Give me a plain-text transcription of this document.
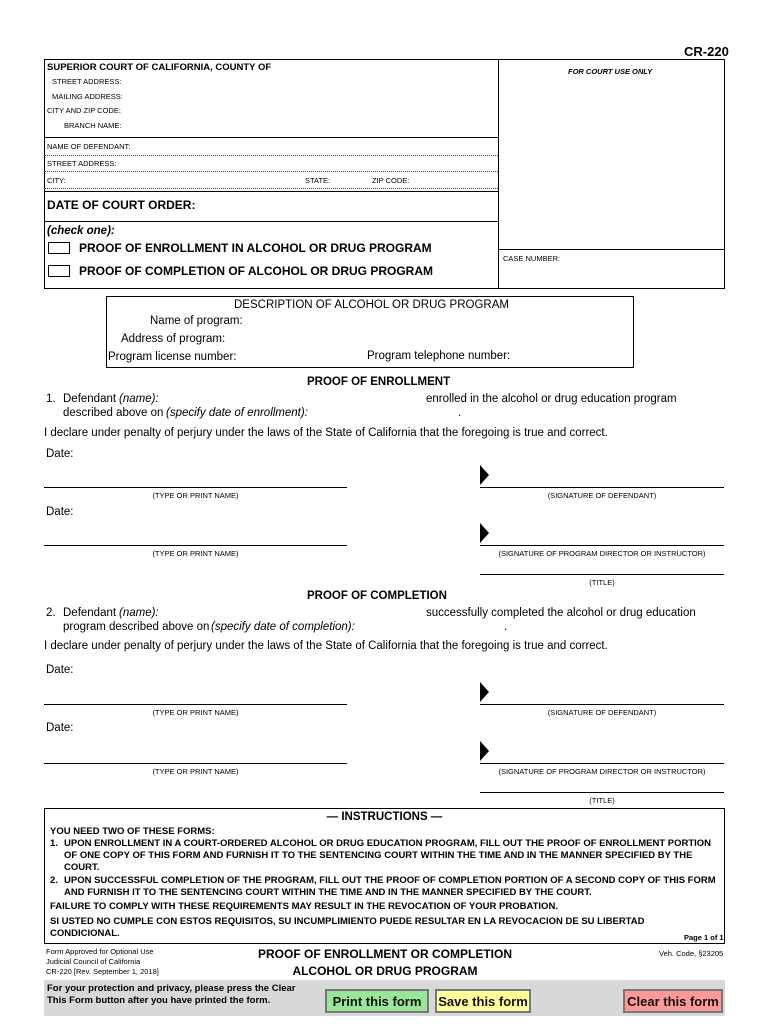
CR-220
SUPERIOR COURT OF CALIFORNIA, COUNTY OF
STREET ADDRESS:
MAILING ADDRESS:
CITY AND ZIP CODE:
BRANCH NAME:
FOR COURT USE ONLY
NAME OF DEFENDANT:
STREET ADDRESS:
CITY:	STATE:	ZIP CODE:
DATE OF COURT ORDER:
(check one):
PROOF OF ENROLLMENT IN ALCOHOL OR DRUG PROGRAM
PROOF OF COMPLETION OF ALCOHOL OR DRUG PROGRAM
CASE NUMBER:
DESCRIPTION OF ALCOHOL OR DRUG PROGRAM
Name of program:
Address of program:
Program license number:	Program telephone number:
PROOF OF ENROLLMENT
1. Defendant (name):	enrolled in the alcohol or drug education program
described above on (specify date of enrollment):	.
I declare under penalty of perjury under the laws of the State of California that the foregoing is true and correct.
Date:
(TYPE OR PRINT NAME)	(SIGNATURE OF DEFENDANT)
Date:
(TYPE OR PRINT NAME)	(SIGNATURE OF PROGRAM DIRECTOR OR INSTRUCTOR)
(TITLE)
PROOF OF COMPLETION
2. Defendant (name):	successfully completed the alcohol or drug education
program described above on (specify date of completion):	.
I declare under penalty of perjury under the laws of the State of California that the foregoing is true and correct.
Date:
(TYPE OR PRINT NAME)	(SIGNATURE OF DEFENDANT)
Date:
(TYPE OR PRINT NAME)	(SIGNATURE OF PROGRAM DIRECTOR OR INSTRUCTOR)
(TITLE)
— INSTRUCTIONS —
YOU NEED TWO OF THESE FORMS:
1. UPON ENROLLMENT IN A COURT-ORDERED ALCOHOL OR DRUG EDUCATION PROGRAM, FILL OUT THE PROOF OF ENROLLMENT PORTION OF ONE COPY OF THIS FORM AND FURNISH IT TO THE SENTENCING COURT WITHIN THE TIME AND IN THE MANNER SPECIFIED BY THE COURT.
2. UPON SUCCESSFUL COMPLETION OF THE PROGRAM, FILL OUT THE PROOF OF COMPLETION PORTION OF A SECOND COPY OF THIS FORM AND FURNISH IT TO THE SENTENCING COURT WITHIN THE TIME AND IN THE MANNER SPECIFIED BY THE COURT.
FAILURE TO COMPLY WITH THESE REQUIREMENTS MAY RESULT IN THE REVOCATION OF YOUR PROBATION.
SI USTED NO CUMPLE CON ESTOS REQUISITOS, SU INCUMPLIMIENTO PUEDE RESULTAR EN LA REVOCACION DE SU LIBERTAD CONDICIONAL.	Page 1 of 1
Form Approved for Optional Use
Judicial Council of California
CR-220 [Rev. September 1, 2018]
PROOF OF ENROLLMENT OR COMPLETION
ALCOHOL OR DRUG PROGRAM
Veh. Code, §23205
For your protection and privacy, please press the Clear This Form button after you have printed the form.	Print this form	Save this form	Clear this form
